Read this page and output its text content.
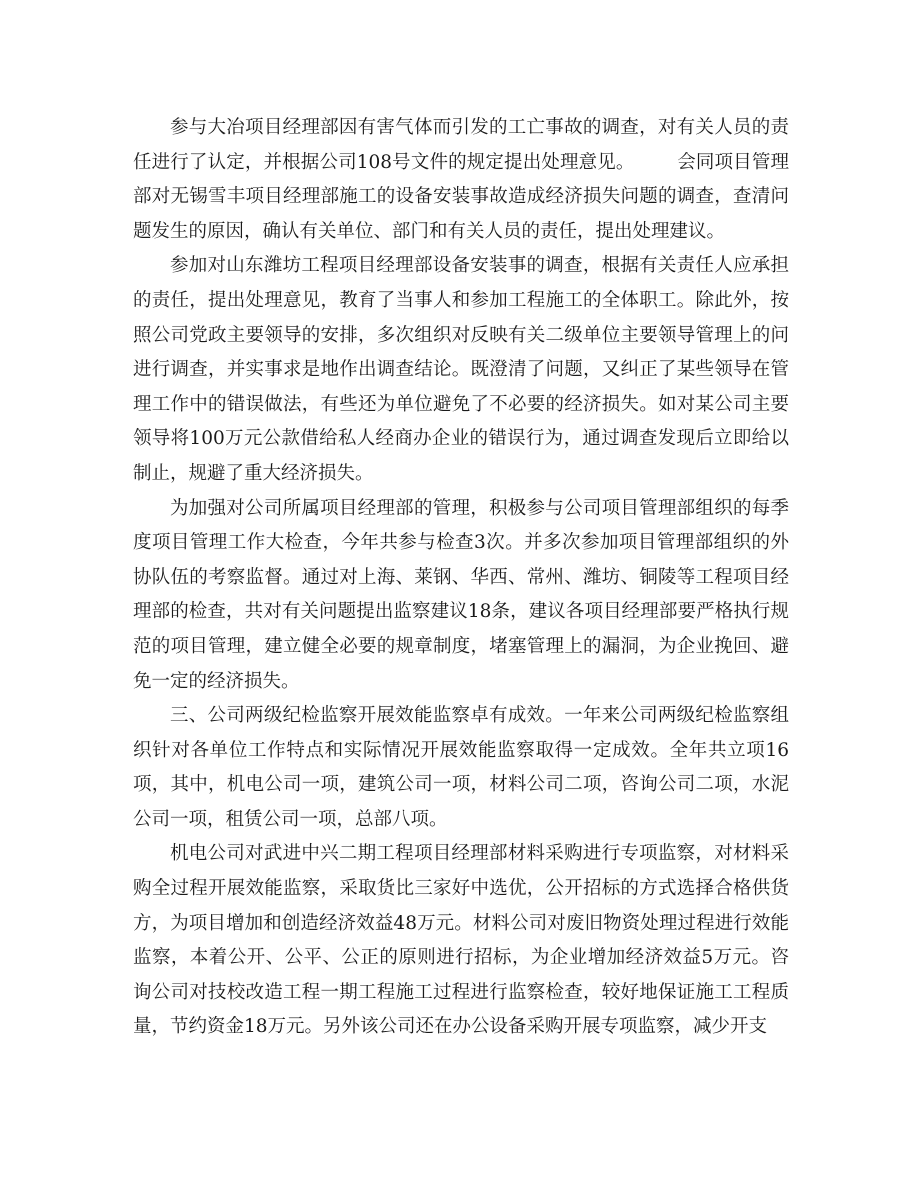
参与大冶项目经理部因有害气体而引发的工亡事故的调查，对有关人员的责任进行了认定，并根据公司108号文件的规定提出处理意见。 会同项目管理部对无锡雪丰项目经理部施工的设备安装事故造成经济损失问题的调查，查清问题发生的原因，确认有关单位、部门和有关人员的责任，提出处理建议。

参加对山东潍坊工程项目经理部设备安装事的调查，根据有关责任人应承担的责任，提出处理意见，教育了当事人和参加工程施工的全体职工。除此外，按照公司党政主要领导的安排，多次组织对反映有关二级单位主要领导管理上的问进行调查，并实事求是地作出调查结论。既澄清了问题，又纠正了某些领导在管理工作中的错误做法，有些还为单位避免了不必要的经济损失。如对某公司主要领导将100万元公款借给私人经商办企业的错误行为，通过调查发现后立即给以制止，规避了重大经济损失。

为加强对公司所属项目经理部的管理，积极参与公司项目管理部组织的每季度项目管理工作大检查，今年共参与检查3次。并多次参加项目管理部组织的外协队伍的考察监督。通过对上海、莱钢、华西、常州、潍坊、铜陵等工程项目经理部的检查，共对有关问题提出监察建议18条，建议各项目经理部要严格执行规范的项目管理，建立健全必要的规章制度，堵塞管理上的漏洞，为企业挽回、避免一定的经济损失。

三、公司两级纪检监察开展效能监察卓有成效。一年来公司两级纪检监察组织针对各单位工作特点和实际情况开展效能监察取得一定成效。全年共立项16项，其中，机电公司一项，建筑公司一项，材料公司二项，咨询公司二项，水泥公司一项，租赁公司一项，总部八项。

机电公司对武进中兴二期工程项目经理部材料采购进行专项监察，对材料采购全过程开展效能监察，采取货比三家好中选优，公开招标的方式选择合格供货方，为项目增加和创造经济效益48万元。材料公司对废旧物资处理过程进行效能监察，本着公开、公平、公正的原则进行招标，为企业增加经济效益5万元。咨询公司对技校改造工程一期工程施工过程进行监察检查，较好地保证施工工程质量，节约资金18万元。另外该公司还在办公设备采购开展专项监察，减少开支
